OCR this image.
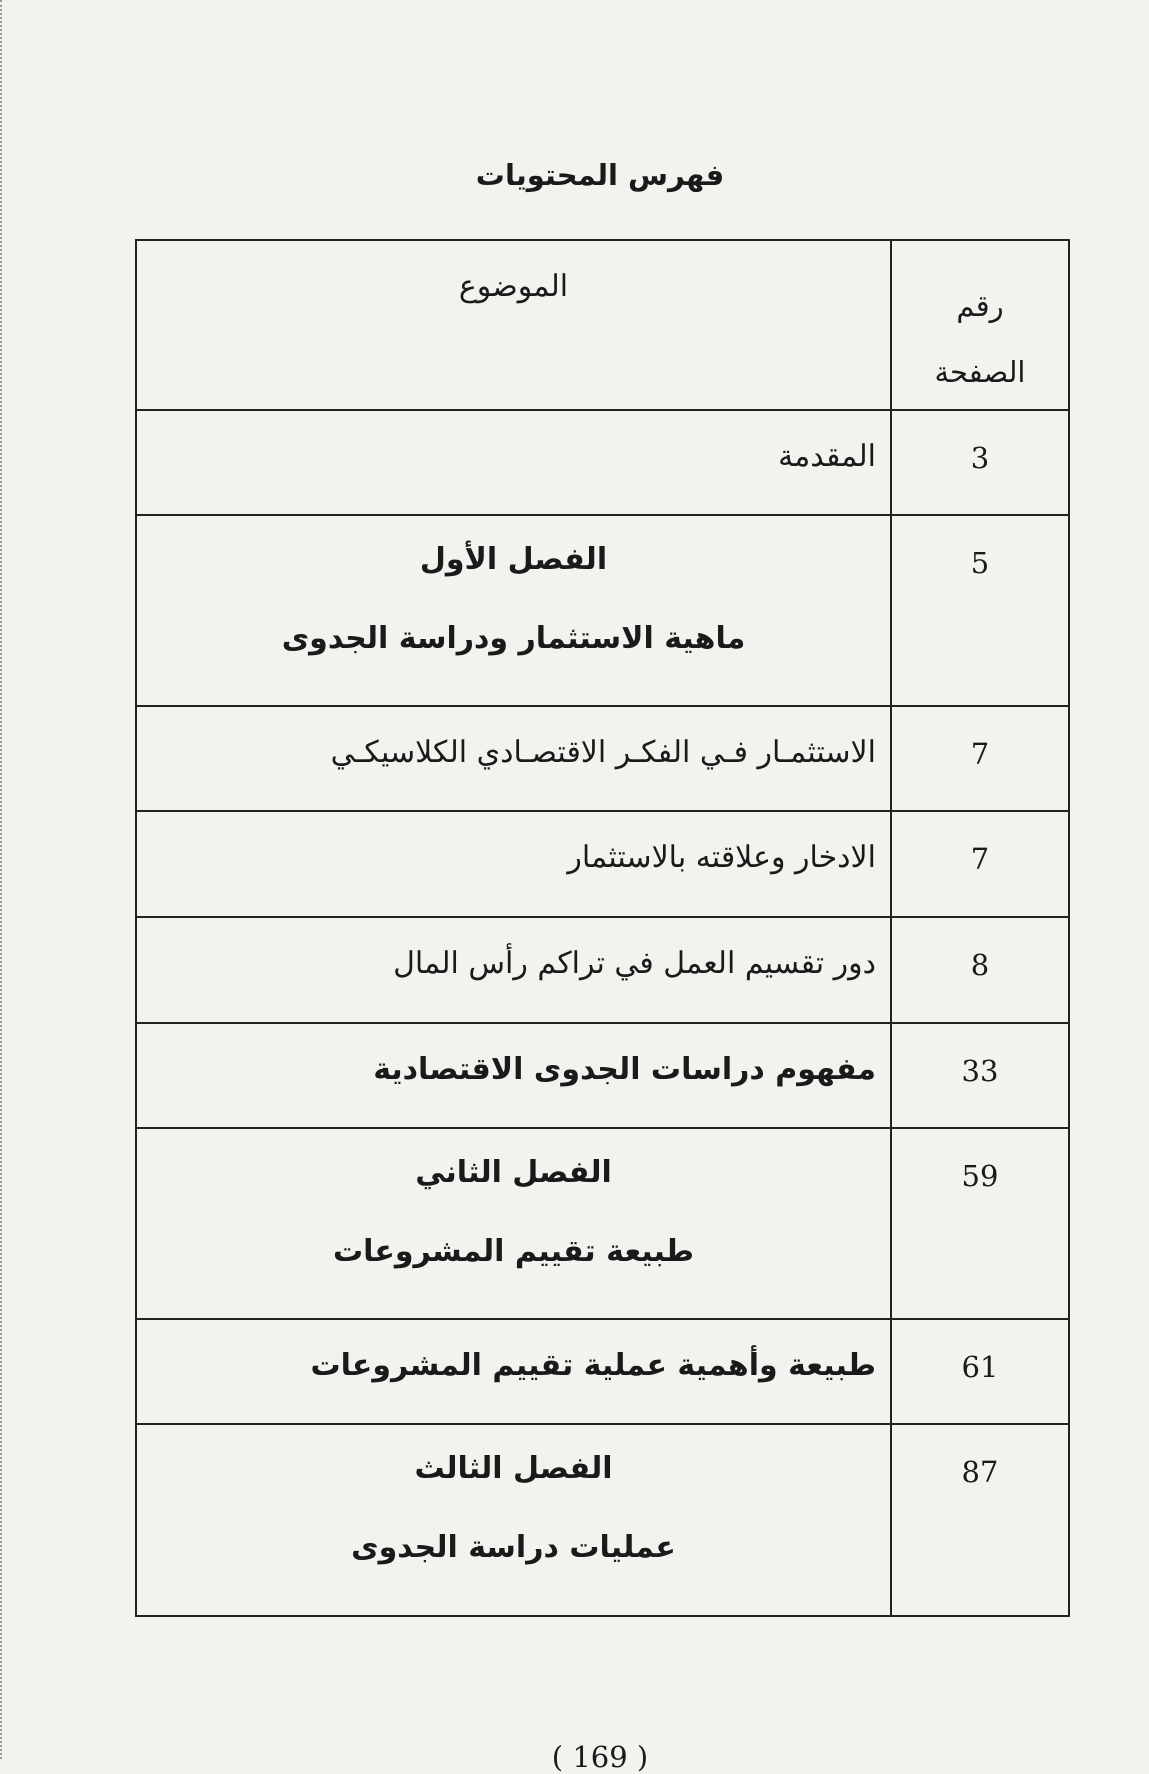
فهرس المحتويات
الموضوع	رقم
الصفحة

المقدمة	3

الفصل الأول
ماهية الاستثمار ودراسة الجدوى	5

الاستثمـار فـي الفكـر الاقتصـادي الكلاسيكـي	7

الادخار وعلاقته بالاستثمار	7

دور تقسيم العمل في تراكم رأس المال	8

مفهوم دراسات الجدوى الاقتصادية	33

الفصل الثاني
طبيعة تقييم المشروعات	59

طبيعة وأهمية عملية تقييم المشروعات	61

الفصل الثالث
عمليات دراسة الجدوى	87
( 169 )
